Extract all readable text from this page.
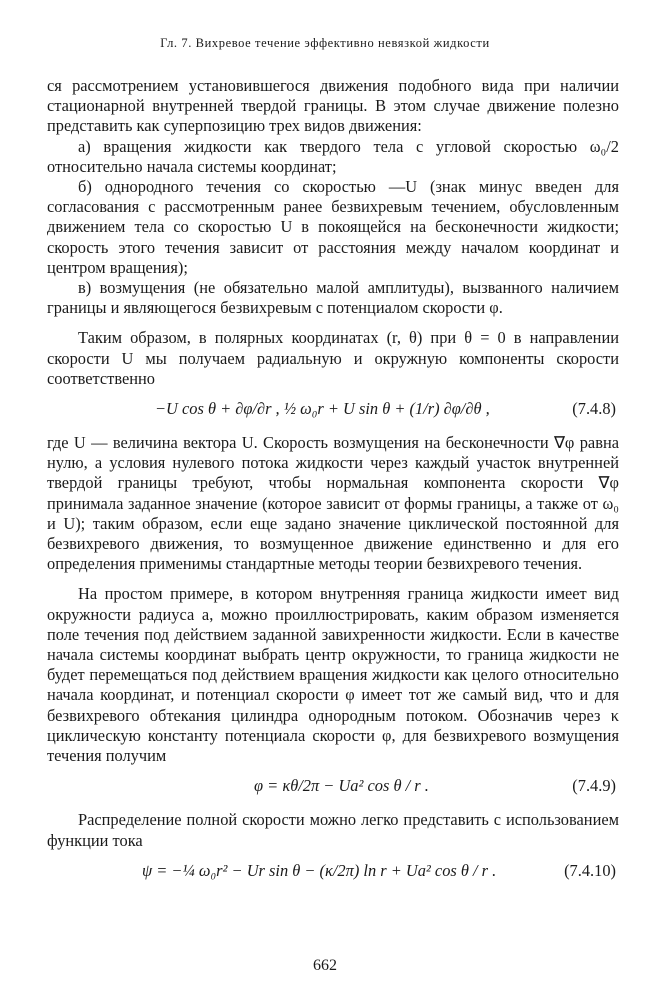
Гл. 7. Вихревое течение эффективно невязкой жидкости

ся рассмотрением установившегося движения подобного вида при наличии стационарной внутренней твердой границы. В этом случае движение полезно представить как суперпозицию трех видов движения:

а) вращения жидкости как твердого тела с угловой скоростью ω₀/2 относительно начала системы координат;

б) однородного течения со скоростью —U (знак минус введен для согласования с рассмотренным ранее безвихревым течением, обусловленным движением тела со скоростью U в покоящейся на бесконечности жидкости; скорость этого течения зависит от расстояния между началом координат и центром вращения);

в) возмущения (не обязательно малой амплитуды), вызванного наличием границы и являющегося безвихревым с потенциалом скорости φ.

Таким образом, в полярных координатах (r, θ) при θ = 0 в направлении скорости U мы получаем радиальную и окружную компоненты скорости соответственно

−U cos θ + ∂φ/∂r , ½ ω₀r + U sin θ + (1/r) ∂φ/∂θ ,	(7.4.8)

где U — величина вектора U. Скорость возмущения на бесконечности ∇φ равна нулю, а условия нулевого потока жидкости через каждый участок внутренней твердой границы требуют, чтобы нормальная компонента скорости ∇φ принимала заданное значение (которое зависит от формы границы, а также от ω₀ и U); таким образом, если еще задано значение циклической постоянной для безвихревого движения, то возмущенное движение единственно и для его определения применимы стандартные методы теории безвихревого течения.

На простом примере, в котором внутренняя граница жидкости имеет вид окружности радиуса a, можно проиллюстрировать, каким образом изменяется поле течения под действием заданной завихренности жидкости. Если в качестве начала системы координат выбрать центр окружности, то граница жидкости не будет перемещаться под действием вращения жидкости как целого относительно начала координат, и потенциал скорости φ имеет тот же самый вид, что и для безвихревого обтекания цилиндра однородным потоком. Обозначив через κ циклическую константу потенциала скорости φ, для безвихревого возмущения течения получим

φ = κθ/2π − Ua² cos θ / r .	(7.4.9)

Распределение полной скорости можно легко представить с использованием функции тока

ψ = −¼ ω₀r² − Ur sin θ − (κ/2π) ln r + Ua² cos θ / r .	(7.4.10)
662
